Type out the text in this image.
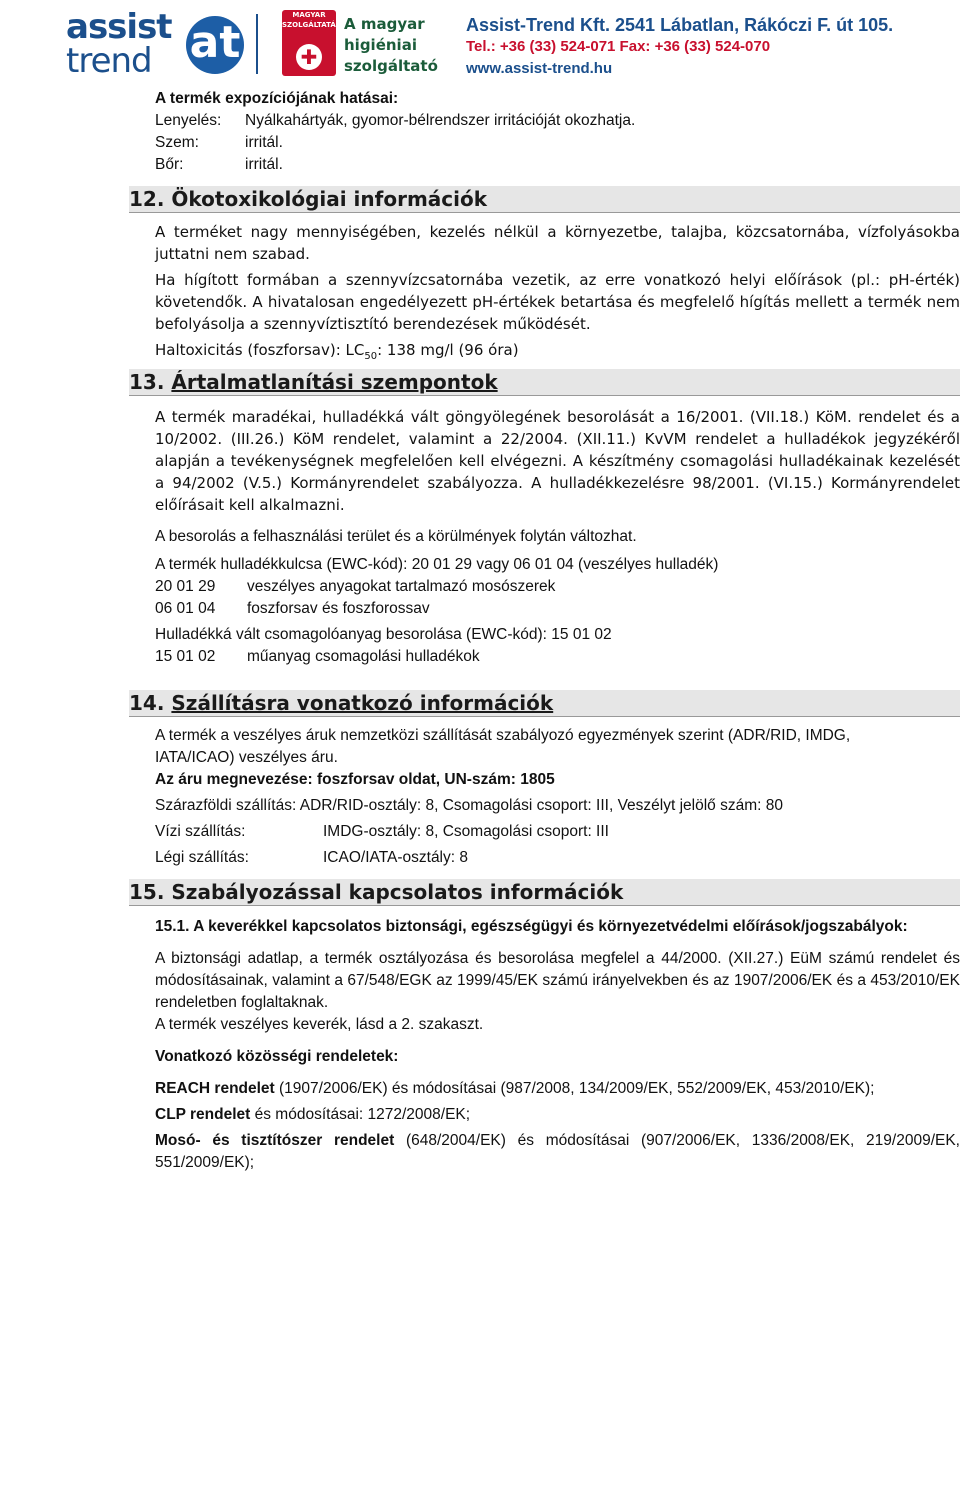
assist
trend at
MAGYAR SZOLGÁLTATÁS
✚
A magyar
higiéniai
szolgáltató
Assist-Trend Kft. 2541 Lábatlan, Rákóczi F. út 105.
Tel.: +36 (33) 524-071 Fax: +36 (33) 524-070
www.assist-trend.hu
A termék expozíciójának hatásai:
Lenyelés:	Nyálkahártyák, gyomor-bélrendszer irritációját okozhatja.
Szem:	irritál.
Bőr:	irritál.
12. Ökotoxikológiai információk
A terméket nagy mennyiségében, kezelés nélkül a környezetbe, talajba, közcsatornába, vízfolyásokba juttatni nem szabad.
Ha hígított formában a szennyvízcsatornába vezetik, az erre vonatkozó helyi előírások (pl.: pH-érték) követendők. A hivatalosan engedélyezett pH-értékek betartása és megfelelő hígítás mellett a termék nem befolyásolja a szennyvíztisztító berendezések működését.
Haltoxicitás (foszforsav): $LC_{50}$: 138 mg/l (96 óra)
13. Ártalmatlanítási szempontok
A termék maradékai, hulladékká vált göngyölegének besorolását a 16/2001. (VII.18.) KöM. rendelet és a 10/2002. (III.26.) KöM rendelet, valamint a 22/2004. (XII.11.) KvVM rendelet a hulladékok jegyzékéről alapján a tevékenységnek megfelelően kell elvégezni. A készítmény csomagolási hulladékainak kezelését a 94/2002 (V.5.) Kormányrendelet szabályozza. A hulladékkezelésre 98/2001. (VI.15.) Kormányrendelet előírásait kell alkalmazni.
A besorolás a felhasználási terület és a körülmények folytán változhat.
A termék hulladékkulcsa (EWC-kód): 20 01 29 vagy 06 01 04 (veszélyes hulladék)
20 01 29	veszélyes anyagokat tartalmazó mosószerek
06 01 04	foszforsav és foszforossav
Hulladékká vált csomagolóanyag besorolása (EWC-kód): 15 01 02
15 01 02	műanyag csomagolási hulladékok
14. Szállításra vonatkozó információk
A termék a veszélyes áruk nemzetközi szállítását szabályozó egyezmények szerint (ADR/RID, IMDG,
IATA/ICAO) veszélyes áru.
Az áru megnevezése: foszforsav oldat, UN-szám: 1805
Szárazföldi szállítás: ADR/RID-osztály: 8, Csomagolási csoport: III, Veszélyt jelölő szám: 80
Vízi szállítás:	IMDG-osztály: 8, Csomagolási csoport: III
Légi szállítás:	ICAO/IATA-osztály: 8
15. Szabályozással kapcsolatos információk
15.1. A keverékkel kapcsolatos biztonsági, egészségügyi és környezetvédelmi előírások/jogszabályok:
A biztonsági adatlap, a termék osztályozása és besorolása megfelel a 44/2000. (XII.27.) EüM számú rendelet és módosításainak, valamint a 67/548/EGK az 1999/45/EK számú irányelvekben és az 1907/2006/EK és a 453/2010/EK rendeletben foglaltaknak.
A termék veszélyes keverék, lásd a 2. szakaszt.
Vonatkozó közösségi rendeletek:
REACH rendelet (1907/2006/EK) és módosításai (987/2008, 134/2009/EK, 552/2009/EK, 453/2010/EK);
CLP rendelet és módosításai: 1272/2008/EK;
Mosó- és tisztítószer rendelet (648/2004/EK) és módosításai (907/2006/EK, 1336/2008/EK, 219/2009/EK, 551/2009/EK);
